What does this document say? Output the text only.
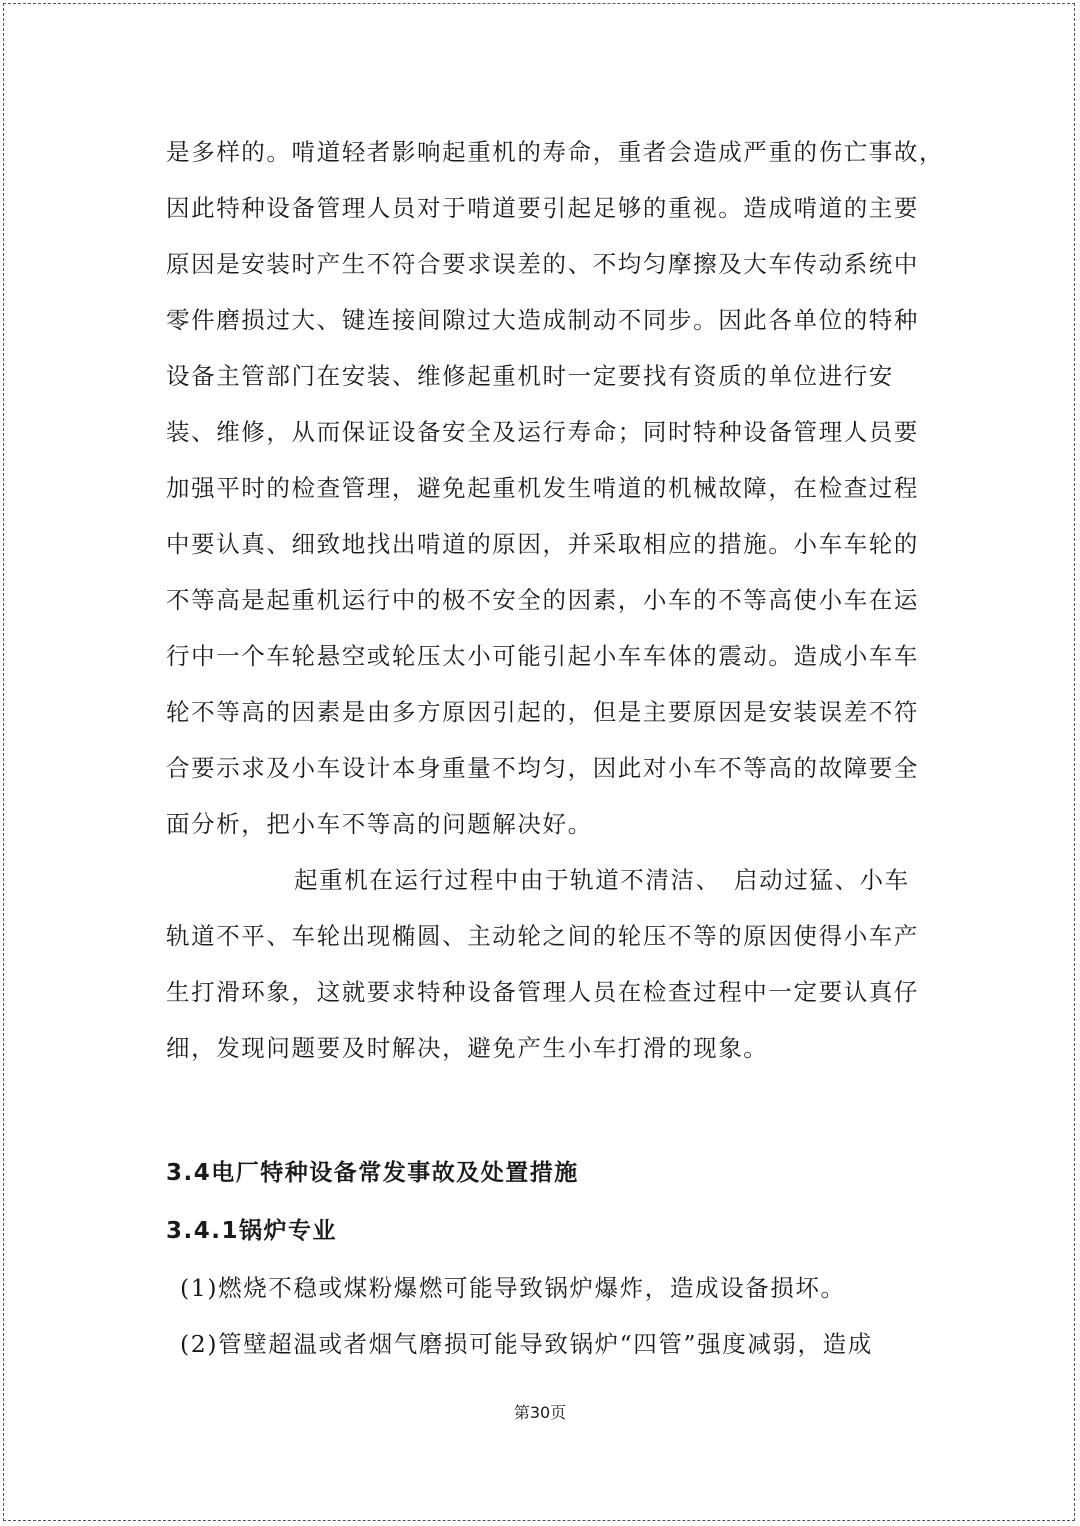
是多样的。啃道轻者影响起重机的寿命，重者会造成严重的伤亡事故，
因此特种设备管理人员对于啃道要引起足够的重视。造成啃道的主要
原因是安装时产生不符合要求误差的、不均匀摩擦及大车传动系统中
零件磨损过大、键连接间隙过大造成制动不同步。因此各单位的特种
设备主管部门在安装、维修起重机时一定要找有资质的单位进行安
装、维修，从而保证设备安全及运行寿命；同时特种设备管理人员要
加强平时的检查管理，避免起重机发生啃道的机械故障，在检查过程
中要认真、细致地找出啃道的原因，并采取相应的措施。小车车轮的
不等高是起重机运行中的极不安全的因素，小车的不等高使小车在运
行中一个车轮悬空或轮压太小可能引起小车车体的震动。造成小车车
轮不等高的因素是由多方原因引起的，但是主要原因是安装误差不符
合要示求及小车设计本身重量不均匀，因此对小车不等高的故障要全
面分析，把小车不等高的问题解决好。
起重机在运行过程中由于轨道不清洁、　启动过猛、小车
轨道不平、车轮出现椭圆、主动轮之间的轮压不等的原因使得小车产
生打滑环象，这就要求特种设备管理人员在检查过程中一定要认真仔
细，发现问题要及时解决，避免产生小车打滑的现象。
3.4电厂特种设备常发事故及处置措施
3.4.1锅炉专业
(1)燃烧不稳或煤粉爆燃可能导致锅炉爆炸，造成设备损坏。
(2)管壁超温或者烟气磨损可能导致锅炉“四管”强度减弱，造成
第30页
